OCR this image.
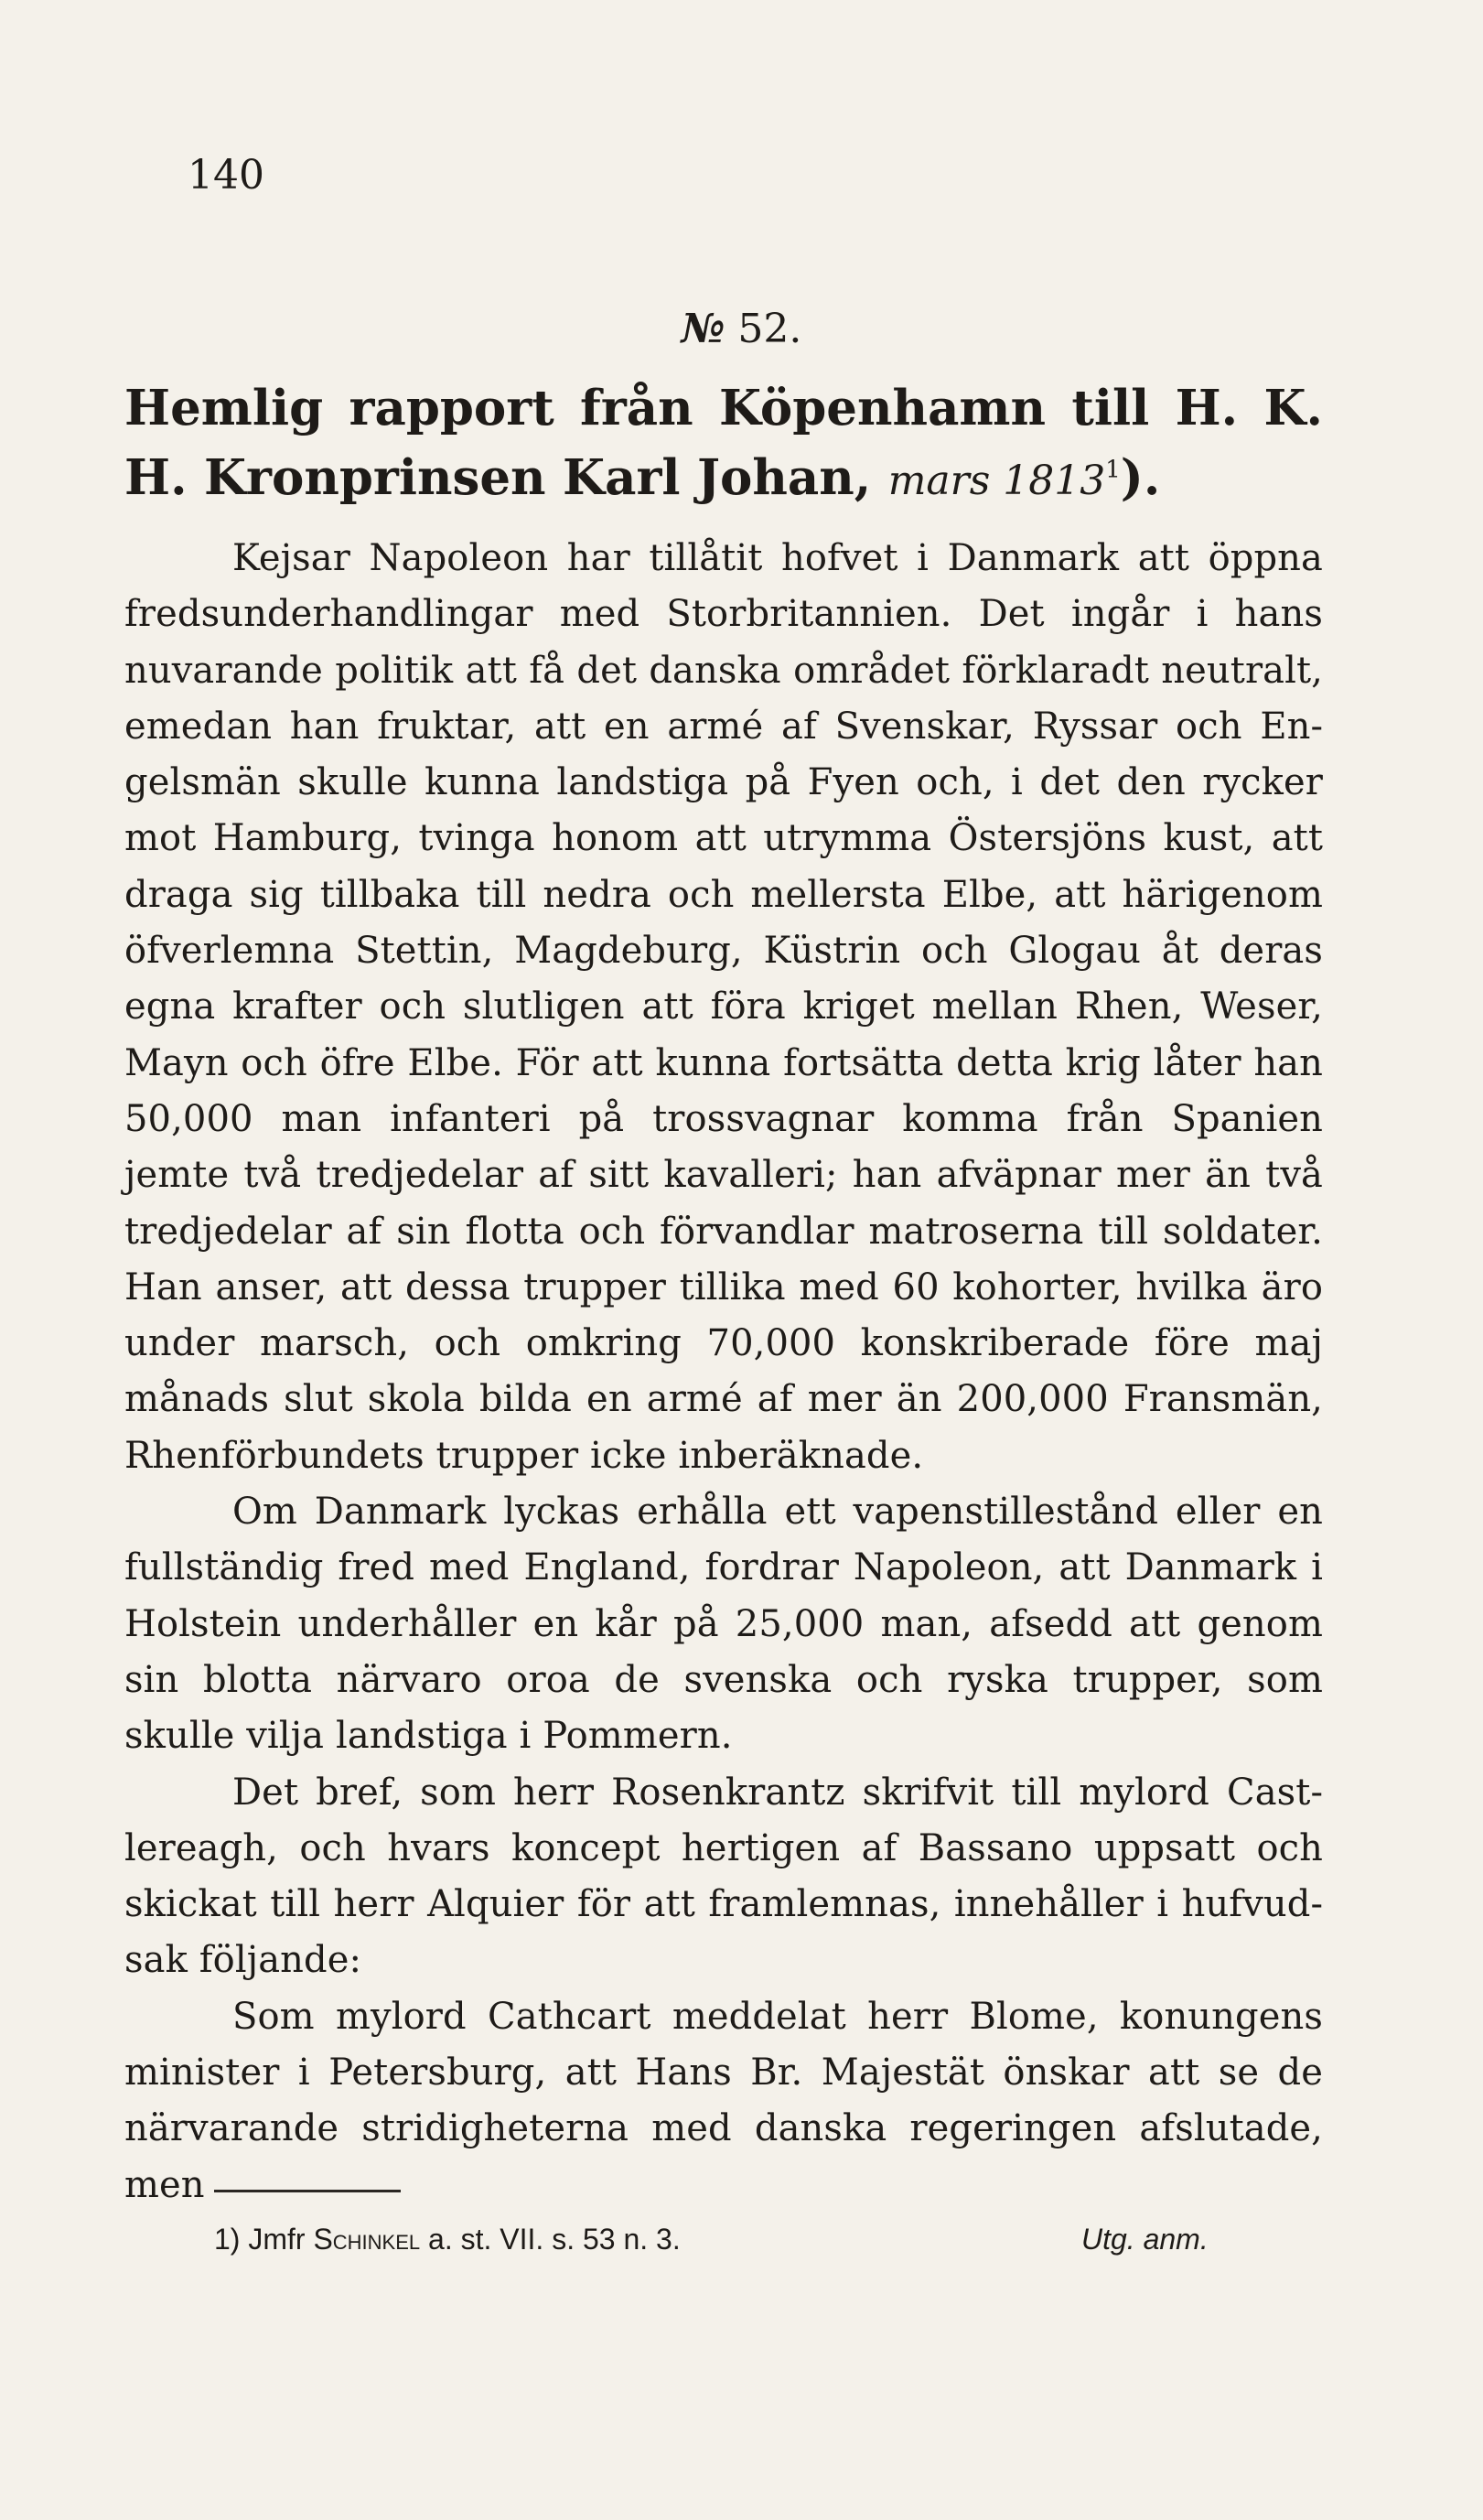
140
№ 52.
Hemlig rapport från Köpenhamn till H. K. H. Kronprinsen Karl Johan, mars 1813$^1$).

Kejsar Napoleon har tillåtit hofvet i Danmark att öppna fredsunderhandlingar med Storbritannien. Det ingår i hans nuvarande politik att få det danska området förklaradt neutralt, emedan han fruktar, att en armé af Svenskar, Ryssar och Engelsmän skulle kunna landstiga på Fyen och, i det den rycker mot Hamburg, tvinga honom att utrymma Östersjöns kust, att draga sig tillbaka till nedra och mellersta Elbe, att härigenom öfverlemna Stettin, Magdeburg, Küstrin och Glogau åt deras egna krafter och slutligen att föra kriget mellan Rhen, Weser, Mayn och öfre Elbe. För att kunna fortsätta detta krig låter han 50,000 man infanteri på trossvagnar komma från Spanien jemte två tredjedelar af sitt kavalleri; han afväpnar mer än två tredjedelar af sin flotta och förvandlar matroserna till soldater. Han anser, att dessa trupper tillika med 60 kohorter, hvilka äro under marsch, och omkring 70,000 konskriberade före maj månads slut skola bilda en armé af mer än 200,000 Fransmän, Rhenförbundets trupper icke inberäknade.

Om Danmark lyckas erhålla ett vapenstillestånd eller en fullständig fred med England, fordrar Napoleon, att Danmark i Holstein underhåller en kår på 25,000 man, afsedd att genom sin blotta närvaro oroa de svenska och ryska trupper, som skulle vilja landstiga i Pommern.

Det bref, som herr Rosenkrantz skrifvit till mylord Castlereagh, och hvars koncept hertigen af Bassano uppsatt och skickat till herr Alquier för att framlemnas, innehåller i hufvudsak följande:

Som mylord Cathcart meddelat herr Blome, konungens minister i Petersburg, att Hans Br. Majestät önskar att se de närvarande stridigheterna med danska regeringen afslutade, men

1) Jmfr Schinkel a. st. VII. s. 53 n. 3.	Utg. anm.
